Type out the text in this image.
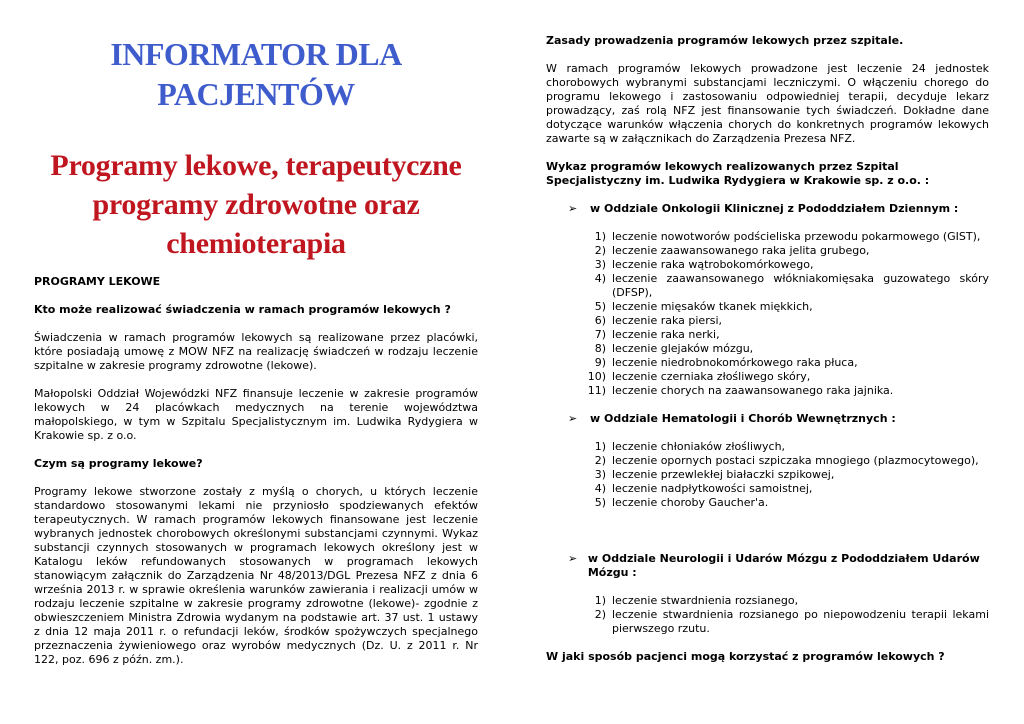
INFORMATOR DLA PACJENTÓW
Programy lekowe, terapeutyczne programy zdrowotne oraz chemioterapia

PROGRAMY LEKOWE

Kto może realizować świadczenia w ramach programów lekowych ?

Świadczenia w ramach programów lekowych są realizowane przez placówki, które posiadają umowę z MOW NFZ na realizację świadczeń w rodzaju leczenie szpitalne w zakresie programy zdrowotne (lekowe).

Małopolski Oddział Wojewódzki NFZ finansuje leczenie w zakresie programów lekowych w 24 placówkach medycznych na terenie województwa małopolskiego, w tym w Szpitalu Specjalistycznym im. Ludwika Rydygiera w Krakowie sp. z o.o.

Czym są programy lekowe?

Programy lekowe stworzone zostały z myślą o chorych, u których leczenie standardowo stosowanymi lekami nie przyniosło spodziewanych efektów terapeutycznych. W ramach programów lekowych finansowane jest leczenie wybranych jednostek chorobowych określonymi substancjami czynnymi. Wykaz substancji czynnych stosowanych w programach lekowych określony jest w Katalogu leków refundowanych stosowanych w programach lekowych stanowiącym załącznik do Zarządzenia Nr 48/2013/DGL Prezesa NFZ z dnia 6 września 2013 r. w sprawie określenia warunków zawierania i realizacji umów w rodzaju leczenie szpitalne w zakresie programy zdrowotne (lekowe)- zgodnie z obwieszczeniem Ministra Zdrowia wydanym na podstawie art. 37 ust. 1 ustawy z dnia 12 maja 2011 r. o refundacji leków, środków spożywczych specjalnego przeznaczenia żywieniowego oraz wyrobów medycznych (Dz. U. z 2011 r. Nr 122, poz. 696 z późn. zm.).

Zasady prowadzenia programów lekowych przez szpitale.

W ramach programów lekowych prowadzone jest leczenie 24 jednostek chorobowych wybranymi substancjami leczniczymi. O włączeniu chorego do programu lekowego i zastosowaniu odpowiedniej terapii, decyduje lekarz prowadzący, zaś rolą NFZ jest finansowanie tych świadczeń. Dokładne dane dotyczące warunków włączenia chorych do konkretnych programów lekowych zawarte są w załącznikach do Zarządzenia Prezesa NFZ.

Wykaz programów lekowych realizowanych przez Szpital Specjalistyczny im. Ludwika Rydygiera w Krakowie sp. z o.o. :

➢	w Oddziale Onkologii Klinicznej z Pododdziałem Dziennym :
1) leczenie nowotworów podścieliska przewodu pokarmowego (GIST),
2) leczenie zaawansowanego raka jelita grubego,
3) leczenie raka wątrobokomórkowego,
4) leczenie zaawansowanego włókniakomięsaka guzowatego skóry (DFSP),
5) leczenie mięsaków tkanek miękkich,
6) leczenie raka piersi,
7) leczenie raka nerki,
8) leczenie glejaków mózgu,
9) leczenie niedrobnokomórkowego raka płuca,
10) leczenie czerniaka złośliwego skóry,
11) leczenie chorych na zaawansowanego raka jajnika.
➢	w Oddziale Hematologii i Chorób Wewnętrznych :
1) leczenie chłoniaków złośliwych,
2) leczenie opornych postaci szpiczaka mnogiego (plazmocytowego),
3) leczenie przewlekłej białaczki szpikowej,
4) leczenie nadpłytkowości samoistnej,
5) leczenie choroby Gaucher'a.
➢ w Oddziale Neurologii i Udarów Mózgu z Pododdziałem Udarów Mózgu :
1) leczenie stwardnienia rozsianego,
2) leczenie stwardnienia rozsianego po niepowodzeniu terapii lekami pierwszego rzutu.

W jaki sposób pacjenci mogą korzystać z programów lekowych ?
